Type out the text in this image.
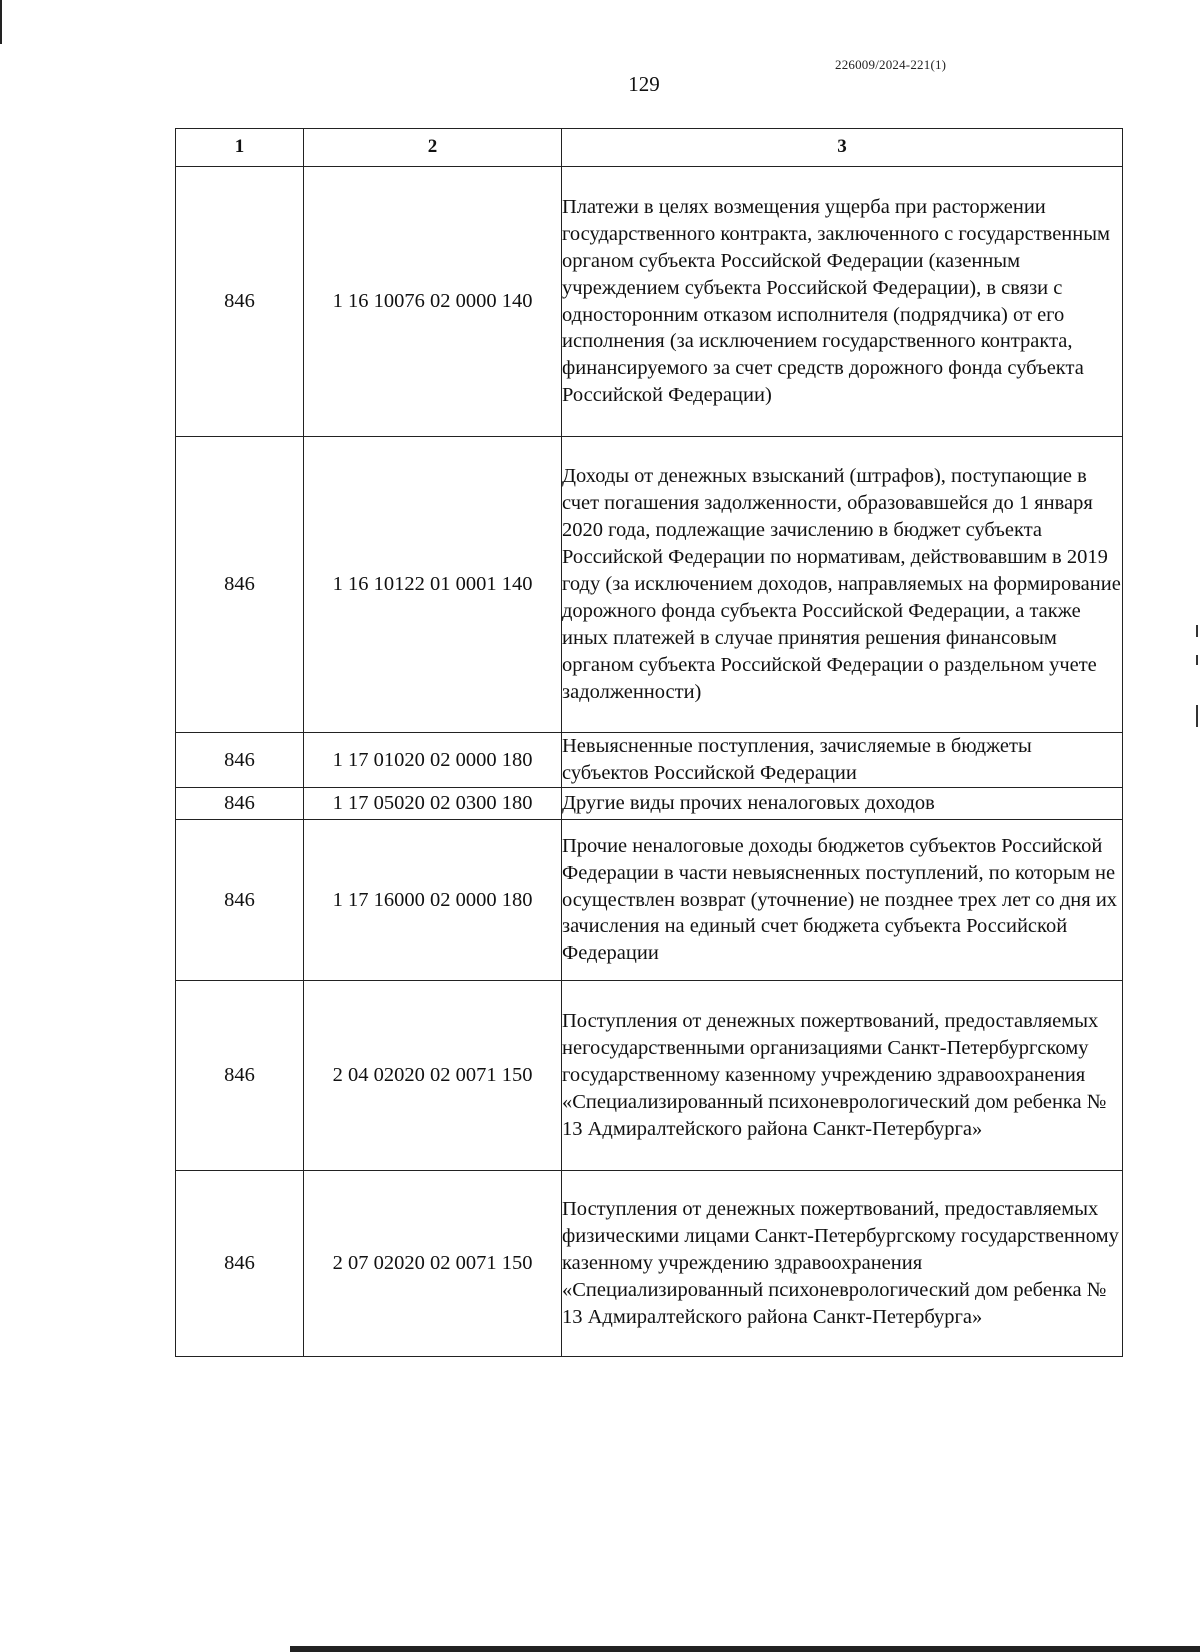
226009/2024-221(1)
129
1	2	3
846	1 16 10076 02 0000 140	Платежи в целях возмещения ущерба при расторжении государственного контракта, заключенного с государственным органом субъекта Российской Федерации (казенным учреждением субъекта Российской Федерации), в связи с односторонним отказом исполнителя (подрядчика) от его исполнения (за исключением государственного контракта, финансируемого за счет средств дорожного фонда субъекта Российской Федерации)
846	1 16 10122 01 0001 140	Доходы от денежных взысканий (штрафов), поступающие в счет погашения задолженности, образовавшейся до 1 января 2020 года, подлежащие зачислению в бюджет субъекта Российской Федерации по нормативам, действовавшим в 2019 году (за исключением доходов, направляемых на формирование дорожного фонда субъекта Российской Федерации, а также иных платежей в случае принятия решения финансовым органом субъекта Российской Федерации о раздельном учете задолженности)
846	1 17 01020 02 0000 180	Невыясненные поступления, зачисляемые в бюджеты субъектов Российской Федерации
846	1 17 05020 02 0300 180	Другие виды прочих неналоговых доходов
846	1 17 16000 02 0000 180	Прочие неналоговые доходы бюджетов субъектов Российской Федерации в части невыясненных поступлений, по которым не осуществлен возврат (уточнение) не позднее трех лет со дня их зачисления на единый счет бюджета субъекта Российской Федерации
846	2 04 02020 02 0071 150	Поступления от денежных пожертвований, предоставляемых негосударственными организациями Санкт-Петербургскому государственному казенному учреждению здравоохранения «Специализированный психоневрологический дом ребенка № 13 Адмиралтейского района Санкт-Петербурга»
846	2 07 02020 02 0071 150	Поступления от денежных пожертвований, предоставляемых физическими лицами Санкт-Петербургскому государственному казенному учреждению здравоохранения «Специализированный психоневрологический дом ребенка № 13 Адмиралтейского района Санкт-Петербурга»
